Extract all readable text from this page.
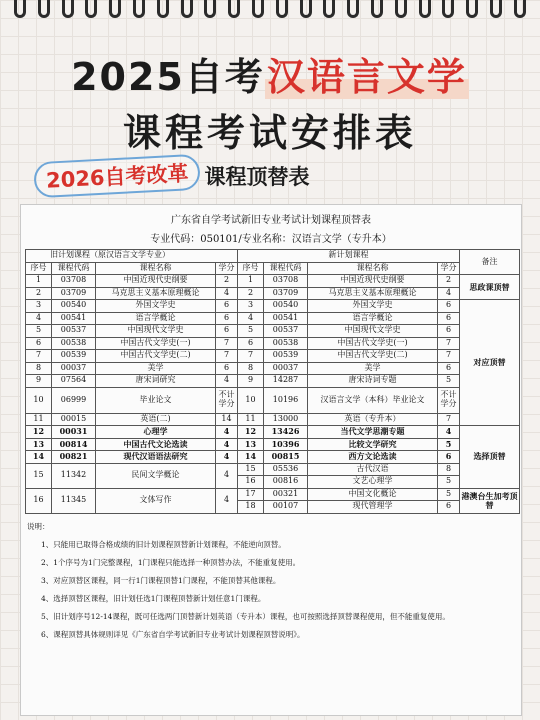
2025自考汉语言文学
课程考试安排表
2026自考改革 课程顶替表
广东省自学考试新旧专业考试计划课程顶替表
专业代码：050101/专业名称：汉语言文学（专升本）
旧计划课程（原汉语言文学专业）				新计划课程				备注
序号	课程代码	课程名称	学分	序号	课程代码	课程名称	学分	
1	03708	中国近现代史纲要	2	1	03708	中国近现代史纲要	2	思政课顶替
2	03709	马克思主义基本原理概论	4	2	03709	马克思主义基本原理概论	4	
3	00540	外国文学史	6	3	00540	外国文学史	6	对应顶替
4	00541	语言学概论	6	4	00541	语言学概论	6	
5	00537	中国现代文学史	6	5	00537	中国现代文学史	6	
6	00538	中国古代文学史(一)	7	6	00538	中国古代文学史(一)	7	
7	00539	中国古代文学史(二)	7	7	00539	中国古代文学史(二)	7	
8	00037	美学	6	8	00037	美学	6	
9	07564	唐宋词研究	4	9	14287	唐宋诗词专题	5	
10	06999	毕业论文	不计学分	10	10196	汉语言文学（本科）毕业论文	不计学分	
11	00015	英语(二)	14	11	13000	英语（专升本）	7	
12	00031	心理学	4	12	13426	当代文学思潮专题	4	选择顶替
13	00814	中国古代文论选读	4	13	10396	比较文学研究	5	
14	00821	现代汉语语法研究	4	14	00815	西方文论选读	6	
15	11342	民间文学概论	4	15	05536	古代汉语	8	
				16	00816	文艺心理学	5	
16	11345	文体写作	4	17	00321	中国文化概论	5	港澳台生加考顶替
				18	00107	现代管理学	6	

说明：

1、只能用已取得合格成绩的旧计划课程顶替新计划课程，不能逆向顶替。

2、1个序号为1门完整课程，1门课程只能选择一种顶替办法，不能重复使用。

3、对应顶替区课程，同一行1门课程顶替1门课程，不能顶替其他课程。

4、选择顶替区课程，旧计划任选1门课程顶替新计划任意1门课程。

5、旧计划序号12-14课程，既可任选两门顶替新计划英语（专升本）课程，也可按照选择顶替课程使用，但不能重复使用。

6、课程顶替具体规则详见《广东省自学考试新旧专业考试计划课程顶替说明》。
